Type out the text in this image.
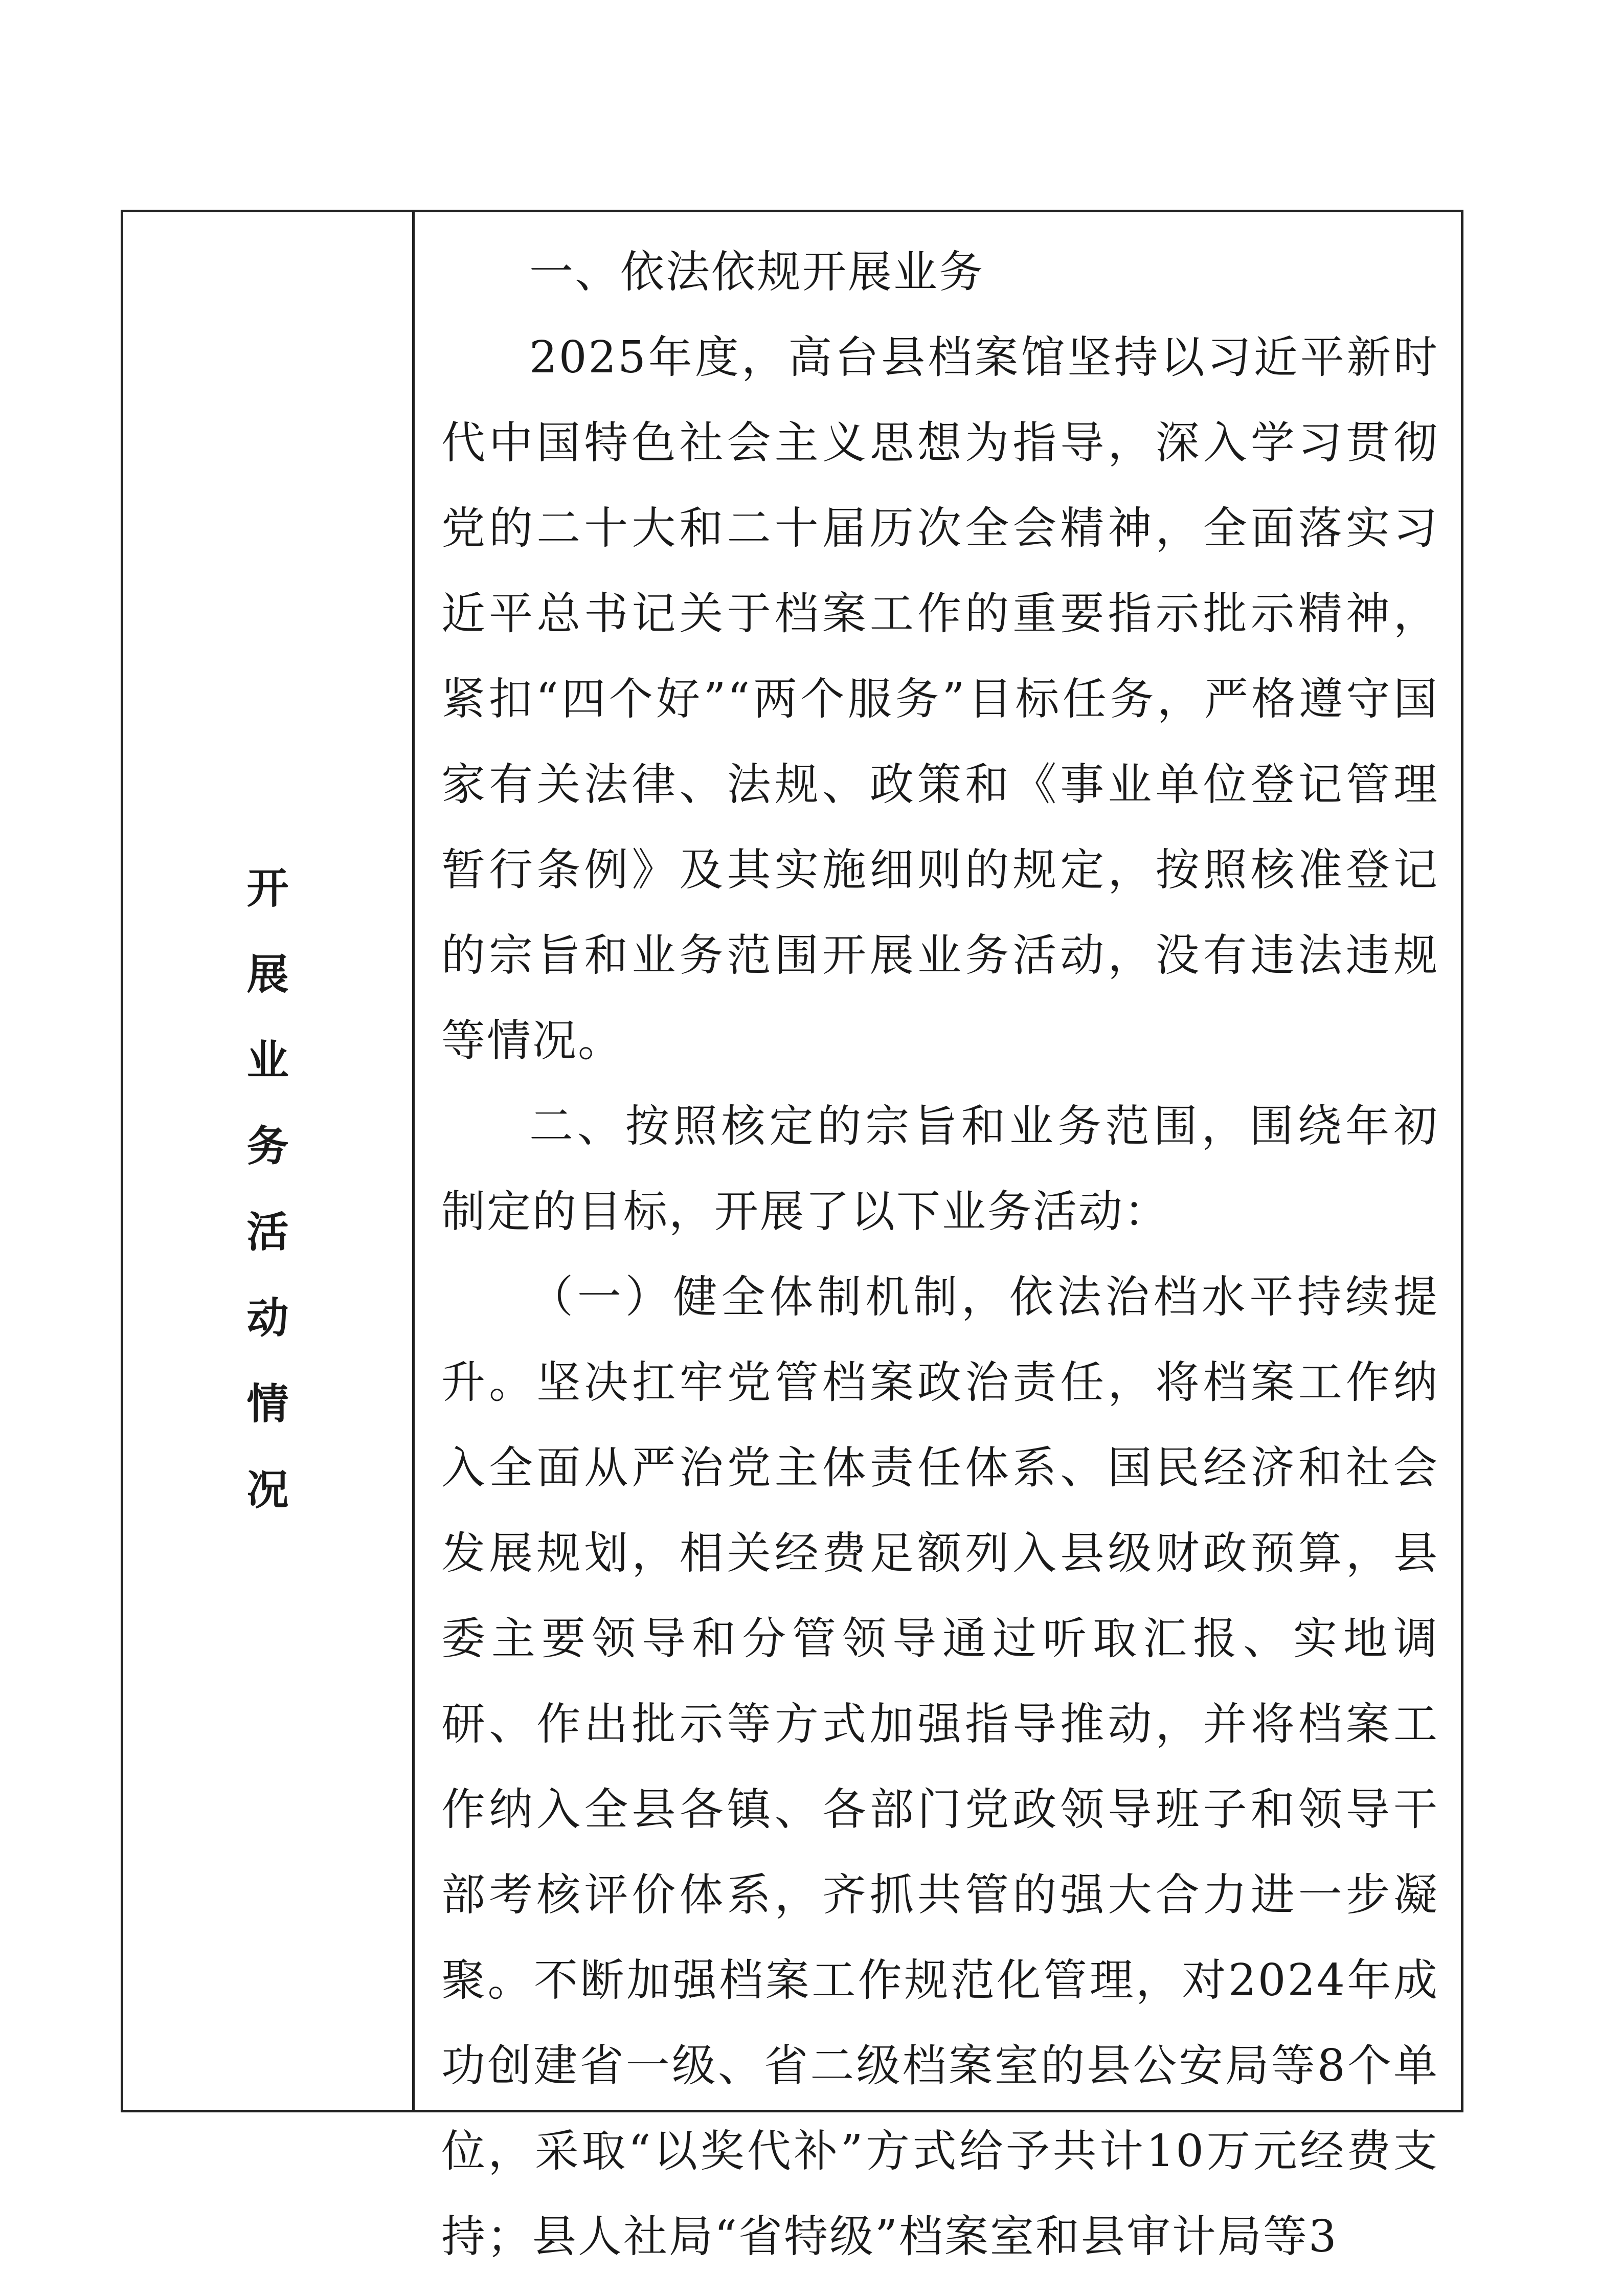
开
展
业
务
活
动
情
况

一、依法依规开展业务

2025年度，高台县档案馆坚持以习近平新时代中国特色社会主义思想为指导，深入学习贯彻党的二十大和二十届历次全会精神，全面落实习近平总书记关于档案工作的重要指示批示精神，紧扣“四个好”“两个服务”目标任务，严格遵守国家有关法律、法规、政策和《事业单位登记管理暂行条例》及其实施细则的规定，按照核准登记的宗旨和业务范围开展业务活动，没有违法违规等情况。

二、按照核定的宗旨和业务范围，围绕年初制定的目标，开展了以下业务活动：

（一）健全体制机制，依法治档水平持续提升。坚决扛牢党管档案政治责任，将档案工作纳入全面从严治党主体责任体系、国民经济和社会发展规划，相关经费足额列入县级财政预算，县委主要领导和分管领导通过听取汇报、实地调研、作出批示等方式加强指导推动，并将档案工作纳入全县各镇、各部门党政领导班子和领导干部考核评价体系，齐抓共管的强大合力进一步凝聚。不断加强档案工作规范化管理，对2024年成功创建省一级、省二级档案室的县公安局等8个单位，采取“以奖代补”方式给予共计10万元经费支持；县人社局“省特级”档案室和县审计局等3
